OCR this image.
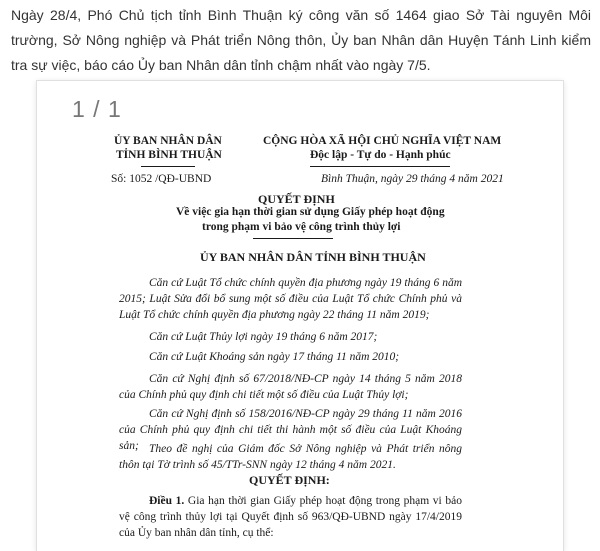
Ngày 28/4, Phó Chủ tịch tỉnh Bình Thuận ký công văn số 1464 giao Sở Tài nguyên Môi trường, Sở Nông nghiệp và Phát triển Nông thôn, Ủy ban Nhân dân Huyện Tánh Linh kiểm tra sự việc, báo cáo Ủy ban Nhân dân tỉnh chậm nhất vào ngày 7/5.
ỦY BAN NHÂN DÂN
TỈNH BÌNH THUẬN
CỘNG HÒA XÃ HỘI CHỦ NGHĨA VIỆT NAM
Độc lập - Tự do - Hạnh phúc
Số: 1052 /QĐ-UBND	Bình Thuận, ngày 29 tháng 4 năm 2021
QUYẾT ĐỊNH
Về việc gia hạn thời gian sử dụng Giấy phép hoạt động
trong phạm vi bảo vệ công trình thủy lợi
ỦY BAN NHÂN DÂN TỈNH BÌNH THUẬN
Căn cứ Luật Tổ chức chính quyền địa phương ngày 19 tháng 6 năm 2015; Luật Sửa đổi bổ sung một số điều của Luật Tổ chức Chính phủ và Luật Tổ chức chính quyền địa phương ngày 22 tháng 11 năm 2019;
Căn cứ Luật Thủy lợi ngày 19 tháng 6 năm 2017;
Căn cứ Luật Khoáng sản ngày 17 tháng 11 năm 2010;
Căn cứ Nghị định số 67/2018/NĐ-CP ngày 14 tháng 5 năm 2018 của Chính phủ quy định chi tiết một số điều của Luật Thủy lợi;
Căn cứ Nghị định số 158/2016/NĐ-CP ngày 29 tháng 11 năm 2016 của Chính phủ quy định chi tiết thi hành một số điều của Luật Khoáng sản; Theo đề nghị của Giám đốc Sở Nông nghiệp và Phát triển nông thôn tại Tờ trình số 45/TTr-SNN ngày 12 tháng 4 năm 2021.
QUYẾT ĐỊNH:
Điều 1. Gia hạn thời gian Giấy phép hoạt động trong phạm vi bảo vệ công trình thủy lợi tại Quyết định số 963/QĐ-UBND ngày 17/4/2019 của Ủy ban nhân dân tỉnh, cụ thể:
1 / 1
